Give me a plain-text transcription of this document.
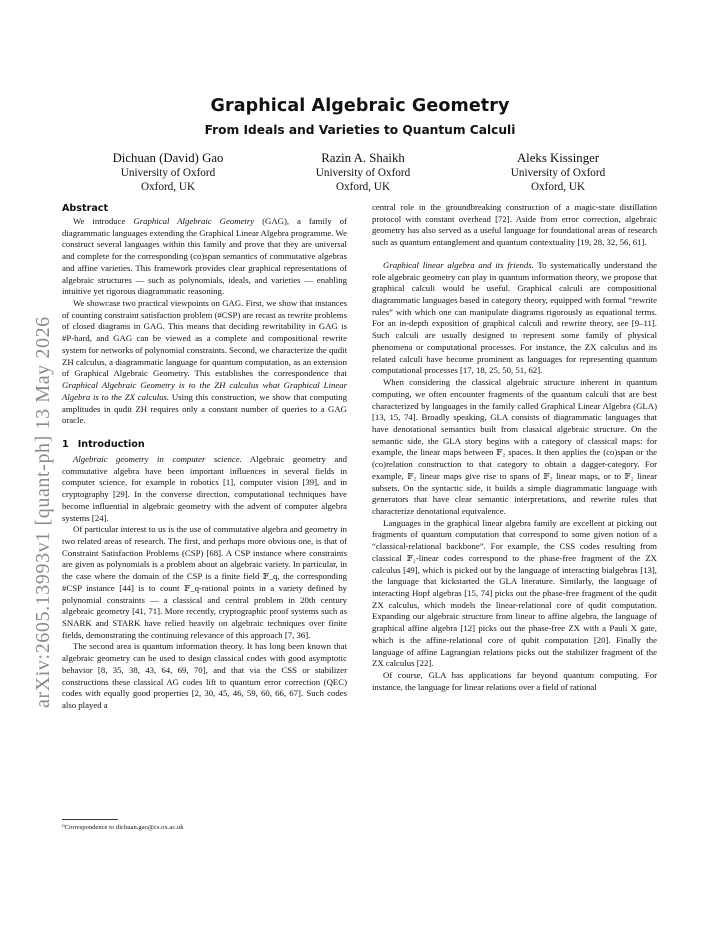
arXiv:2605.13993v1 [quant-ph] 13 May 2026
Graphical Algebraic Geometry
From Ideals and Varieties to Quantum Calculi
Dichuan (David) Gao
University of Oxford
Oxford, UK
Razin A. Shaikh
University of Oxford
Oxford, UK
Aleks Kissinger
University of Oxford
Oxford, UK
Abstract

We introduce Graphical Algebraic Geometry (GAG), a family of diagrammatic languages extending the Graphical Linear Algebra programme. We construct several languages within this family and prove that they are universal and complete for the corresponding (co)span semantics of commutative algebras and affine varieties. This framework provides clear graphical representations of algebraic structures — such as polynomials, ideals, and varieties — enabling intuitive yet rigorous diagrammatic reasoning.

We showcase two practical viewpoints on GAG. First, we show that instances of counting constraint satisfaction problem (#CSP) are recast as rewrite problems of closed diagrams in GAG. This means that deciding rewritability in GAG is #P-hard, and GAG can be viewed as a complete and compositional rewrite system for networks of polynomial constraints. Second, we characterize the qudit ZH calculus, a diagrammatic language for quantum computation, as an extension of Graphical Algebraic Geometry. This establishes the correspondence that Graphical Algebraic Geometry is to the ZH calculus what Graphical Linear Algebra is to the ZX calculus. Using this construction, we show that computing amplitudes in qudit ZH requires only a constant number of queries to a GAG oracle.

1 Introduction

Algebraic geometry in computer science. Algebraic geometry and commutative algebra have been important influences in several fields in computer science, for example in robotics [1], computer vision [39], and in cryptography [29]. In the converse direction, computational techniques have become influential in algebraic geometry with the advent of computer algebra systems [24].

Of particular interest to us is the use of commutative algebra and geometry in two related areas of research. The first, and perhaps more obvious one, is that of Constraint Satisfaction Problems (CSP) [68]. A CSP instance where constraints are given as polynomials is a problem about an algebraic variety. In particular, in the case where the domain of the CSP is a finite field 𝔽_q, the corresponding #CSP instance [44] is to count 𝔽_q-rational points in a variety defined by polynomial constraints — a classical and central problem in 20th century algebraic geometry [41, 71]. More recently, cryptographic proof systems such as SNARK and STARK have relied heavily on algebraic techniques over finite fields, demonstrating the continuing relevance of this approach [7, 36].

The second area is quantum information theory. It has long been known that algebraic geometry can be used to design classical codes with good asymptotic behavior [8, 35, 38, 43, 64, 69, 70], and that via the CSS or stabilizer constructions these classical AG codes lift to quantum error correction (QEC) codes with equally good properties [2, 30, 45, 46, 59, 60, 66, 67]. Such codes also played a

central role in the groundbreaking construction of a magic-state distillation protocol with constant overhead [72]. Aside from error correction, algebraic geometry has also served as a useful language for foundational areas of research such as quantum entanglement and quantum contextuality [19, 28, 32, 56, 61].

Graphical linear algebra and its friends. To systematically understand the role algebraic geometry can play in quantum information theory, we propose that graphical calculi would be useful. Graphical calculi are compositional diagrammatic languages based in category theory, equipped with formal “rewrite rules” with which one can manipulate diagrams rigorously as equational terms. For an in-depth exposition of graphical calculi and rewrite theory, see [9–11]. Such calculi are usually designed to represent some family of physical phenomena or computational processes. For instance, the ZX calculus and its related calculi have become prominent as languages for representing quantum computational processes [17, 18, 25, 50, 51, 62].

When considering the classical algebraic structure inherent in quantum computing, we often encounter fragments of the quantum calculi that are best characterized by languages in the family called Graphical Linear Algebra (GLA) [13, 15, 74]. Broadly speaking, GLA consists of diagrammatic languages that have denotational semantics built from classical algebraic structure. On the semantic side, the GLA story begins with a category of classical maps: for example, the linear maps between 𝔽₂ spaces. It then applies the (co)span or the (co)relation construction to that category to obtain a dagger-category. For example, 𝔽₂ linear maps give rise to spans of 𝔽₂ linear maps, or to 𝔽₂ linear subsets. On the syntactic side, it builds a simple diagrammatic language with generators that have clear semantic interpretations, and rewrite rules that characterize denotational equivalence.

Languages in the graphical linear algebra family are excellent at picking out fragments of quantum computation that correspond to some given notion of a “classical-relational backbone”. For example, the CSS codes resulting from classical 𝔽₂-linear codes correspond to the phase-free fragment of the ZX calculus [49], which is picked out by the language of interacting bialgebras [13], the language that kickstarted the GLA literature. Similarly, the language of interacting Hopf algebras [15, 74] picks out the phase-free fragment of the qudit ZX calculus, which models the linear-relational core of qudit computation. Expanding our algebraic structure from linear to affine algebra, the language of graphical affine algebra [12] picks out the phase-free ZX with a Pauli X gate, which is the affine-relational core of qubit computation [20]. Finally the language of affine Lagrangian relations picks out the stabilizer fragment of the ZX calculus [22].

Of course, GLA has applications far beyond quantum computing. For instance, the language for linear relations over a field of rational

⁰Correspondence to dichuan.gao@cs.ox.ac.uk
